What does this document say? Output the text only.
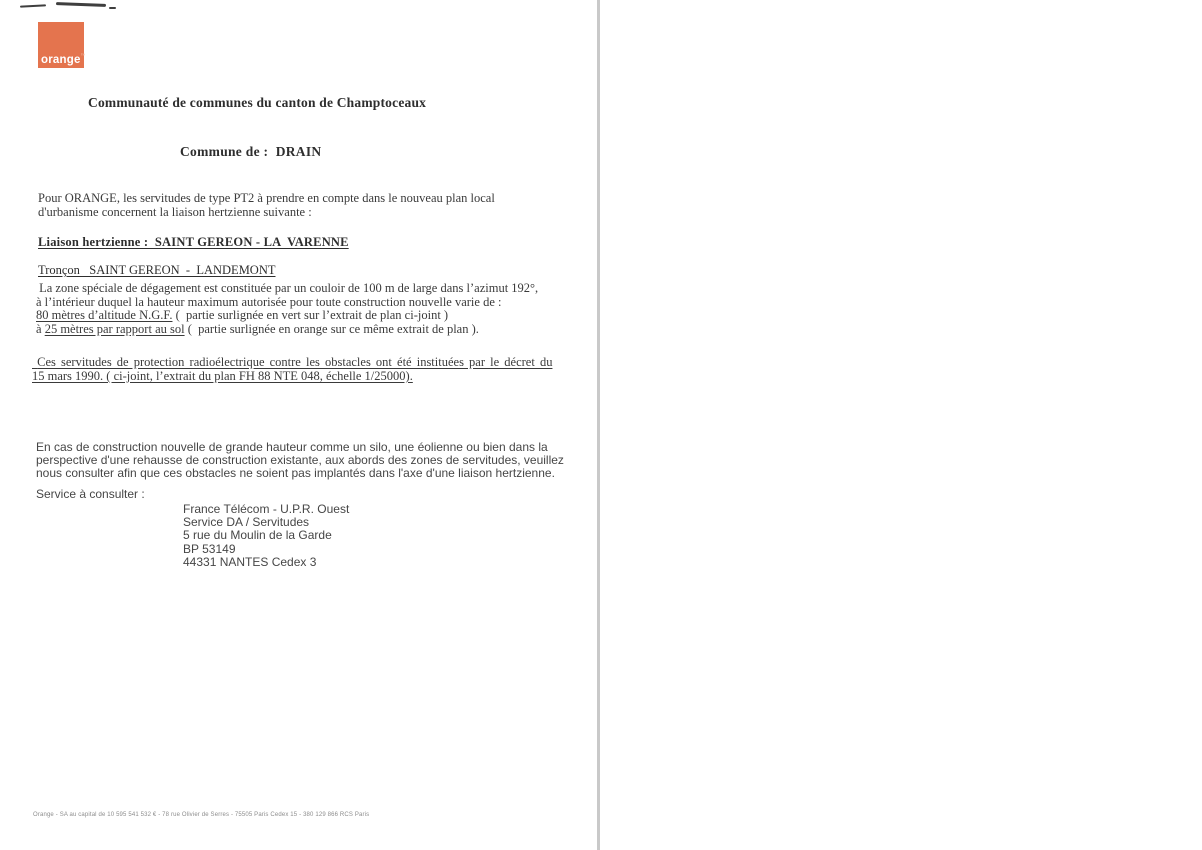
orange ™
Communauté de communes du canton de Champtoceaux
Commune de :  DRAIN
Pour ORANGE, les servitudes de type PT2 à prendre en compte dans le nouveau plan local
d'urbanisme concernent la liaison hertzienne suivante :
Liaison hertzienne :  SAINT GEREON - LA  VARENNE
Tronçon   SAINT GEREON  -  LANDEMONT
La zone spéciale de dégagement est constituée par un couloir de 100 m de large dans l’azimut 192°,
à l’intérieur duquel la hauteur maximum autorisée pour toute construction nouvelle varie de :
80 mètres d’altitude N.G.F. (  partie surlignée en vert sur l’extrait de plan ci-joint )
à 25 mètres par rapport au sol (  partie surlignée en orange sur ce même extrait de plan ).
Ces servitudes de protection radioélectrique contre les obstacles ont été instituées par le décret du
15 mars 1990. ( ci-joint, l’extrait du plan FH 88 NTE 048, échelle 1/25000).
En cas de construction nouvelle de grande hauteur comme un silo, une éolienne ou bien dans la
perspective d'une rehausse de construction existante, aux abords des zones de servitudes, veuillez
nous consulter afin que ces obstacles ne soient pas implantés dans l'axe d'une liaison hertzienne.
Service à consulter :
France Télécom - U.P.R. Ouest
Service DA / Servitudes
5 rue du Moulin de la Garde
BP 53149
44331 NANTES Cedex 3
Orange - SA au capital de 10 595 541 532 € - 78 rue Olivier de Serres - 75505 Paris Cedex 15 - 380 129 866 RCS Paris
